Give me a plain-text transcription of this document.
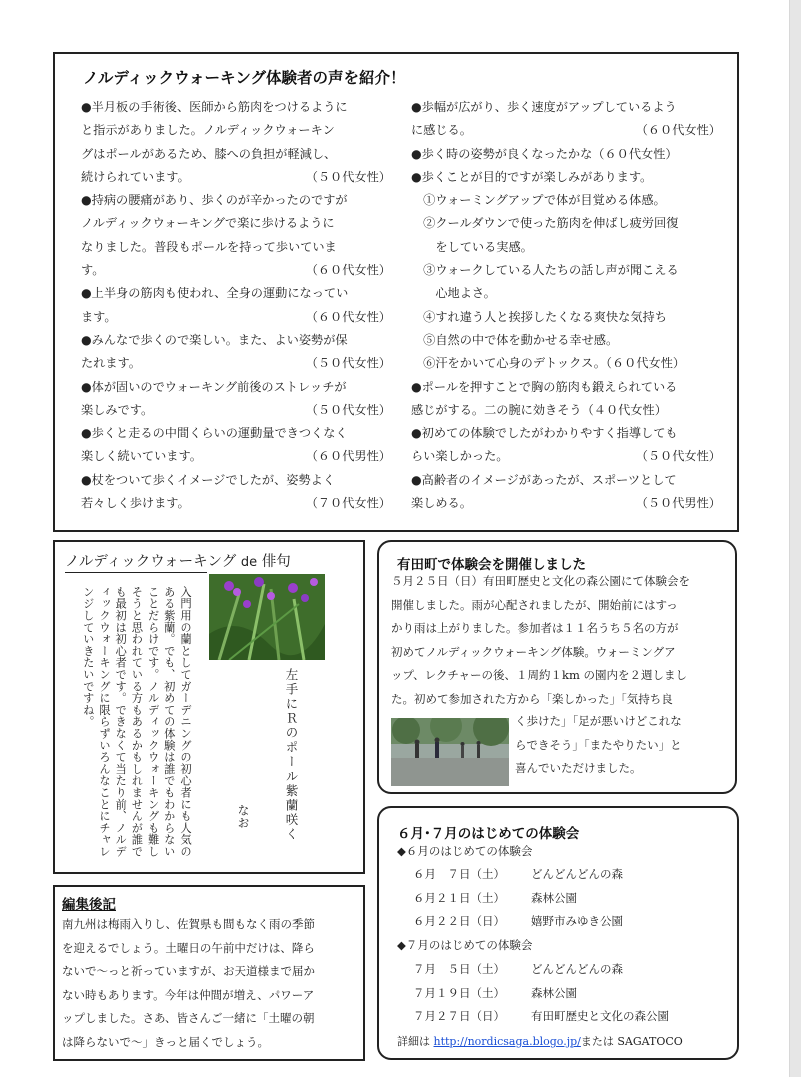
ノルディックウォーキング体験者の声を紹介！
●半月板の手術後、医師から筋肉をつけるように
と指示がありました。ノルディックウォーキン
グはポールがあるため、膝への負担が軽減し、
続けられています。	（５０代女性）
●持病の腰痛があり、歩くのが辛かったのですが
ノルディックウォーキングで楽に歩けるように
なりました。普段もポールを持って歩いていま
す。	（６０代女性）
●上半身の筋肉も使われ、全身の運動になってい
ます。	（６０代女性）
●みんなで歩くので楽しい。また、よい姿勢が保
たれます。	（５０代女性）
●体が固いのでウォーキング前後のストレッチが
楽しみです。	（５０代女性）
●歩くと走るの中間くらいの運動量できつくなく
楽しく続いています。	（６０代男性）
●杖をついて歩くイメージでしたが、姿勢よく
若々しく歩けます。	（７０代女性）
●歩幅が広がり、歩く速度がアップしているよう
に感じる。	（６０代女性）
●歩く時の姿勢が良くなったかな（６０代女性）
●歩くことが目的ですが楽しみがあります。
　①ウォーミングアップで体が目覚める体感。
　②クールダウンで使った筋肉を伸ばし疲労回復
　　をしている実感。
　③ウォークしている人たちの話し声が聞こえる
　　心地よさ。
　④すれ違う人と挨拶したくなる爽快な気持ち
　⑤自然の中で体を動かせる幸せ感。
　⑥汗をかいて心身のデトックス。（６０代女性）
●ポールを押すことで胸の筋肉も鍛えられている
感じがする。二の腕に効きそう（４０代女性）
●初めての体験でしたがわかりやすく指導しても
らい楽しかった。	（５０代女性）
●高齢者のイメージがあったが、スポーツとして
楽しめる。	（５０代男性）
ノルディックウォーキング de 俳句
左手にＲのポール紫蘭咲く
なお
入門用の蘭としてガーデニングの初心者にも人気のある紫蘭。でも、初めての体験は誰でもわからないことだらけです。ノルディックウォーキングも難しそうと思われている方もあるかもしれませんが誰でも最初は初心者です。できなくて当たり前、ノルディックウォーキングに限らずいろんなことにチャレンジしていきたいですね。
有田町で体験会を開催しました
５月２５日（日）有田町歴史と文化の森公園にて体験会を
開催しました。雨が心配されましたが、開始前にはすっ
かり雨は上がりました。参加者は１１名うち５名の方が
初めてノルディックウォーキング体験。ウォーミングア
ップ、レクチャーの後、１周約１km の園内を２週しまし
た。初めて参加された方から「楽しかった」「気持ち良
く歩けた」「足が悪いけどこれな
らできそう」「またやりたい」と
喜んでいただけました。
６月･７月のはじめての体験会
◆６月のはじめての体験会
６月　７日（土） どんどんどんの森
６月２１日（土） 森林公園
６月２２日（日） 嬉野市みゆき公園
◆７月のはじめての体験会
７月　５日（土） どんどんどんの森
７月１９日（土） 森林公園
７月２７日（日） 有田町歴史と文化の森公園
詳細は http://nordicsaga.blogo.jp/または SAGATOCO
編集後記
南九州は梅雨入りし、佐賀県も間もなく雨の季節
を迎えるでしょう。土曜日の午前中だけは、降ら
ないで〜っと祈っていますが、お天道様まで届か
ない時もあります。今年は仲間が増え、パワーア
ップしました。さあ、皆さんご一緒に「土曜の朝
は降らないで〜」きっと届くでしょう。
